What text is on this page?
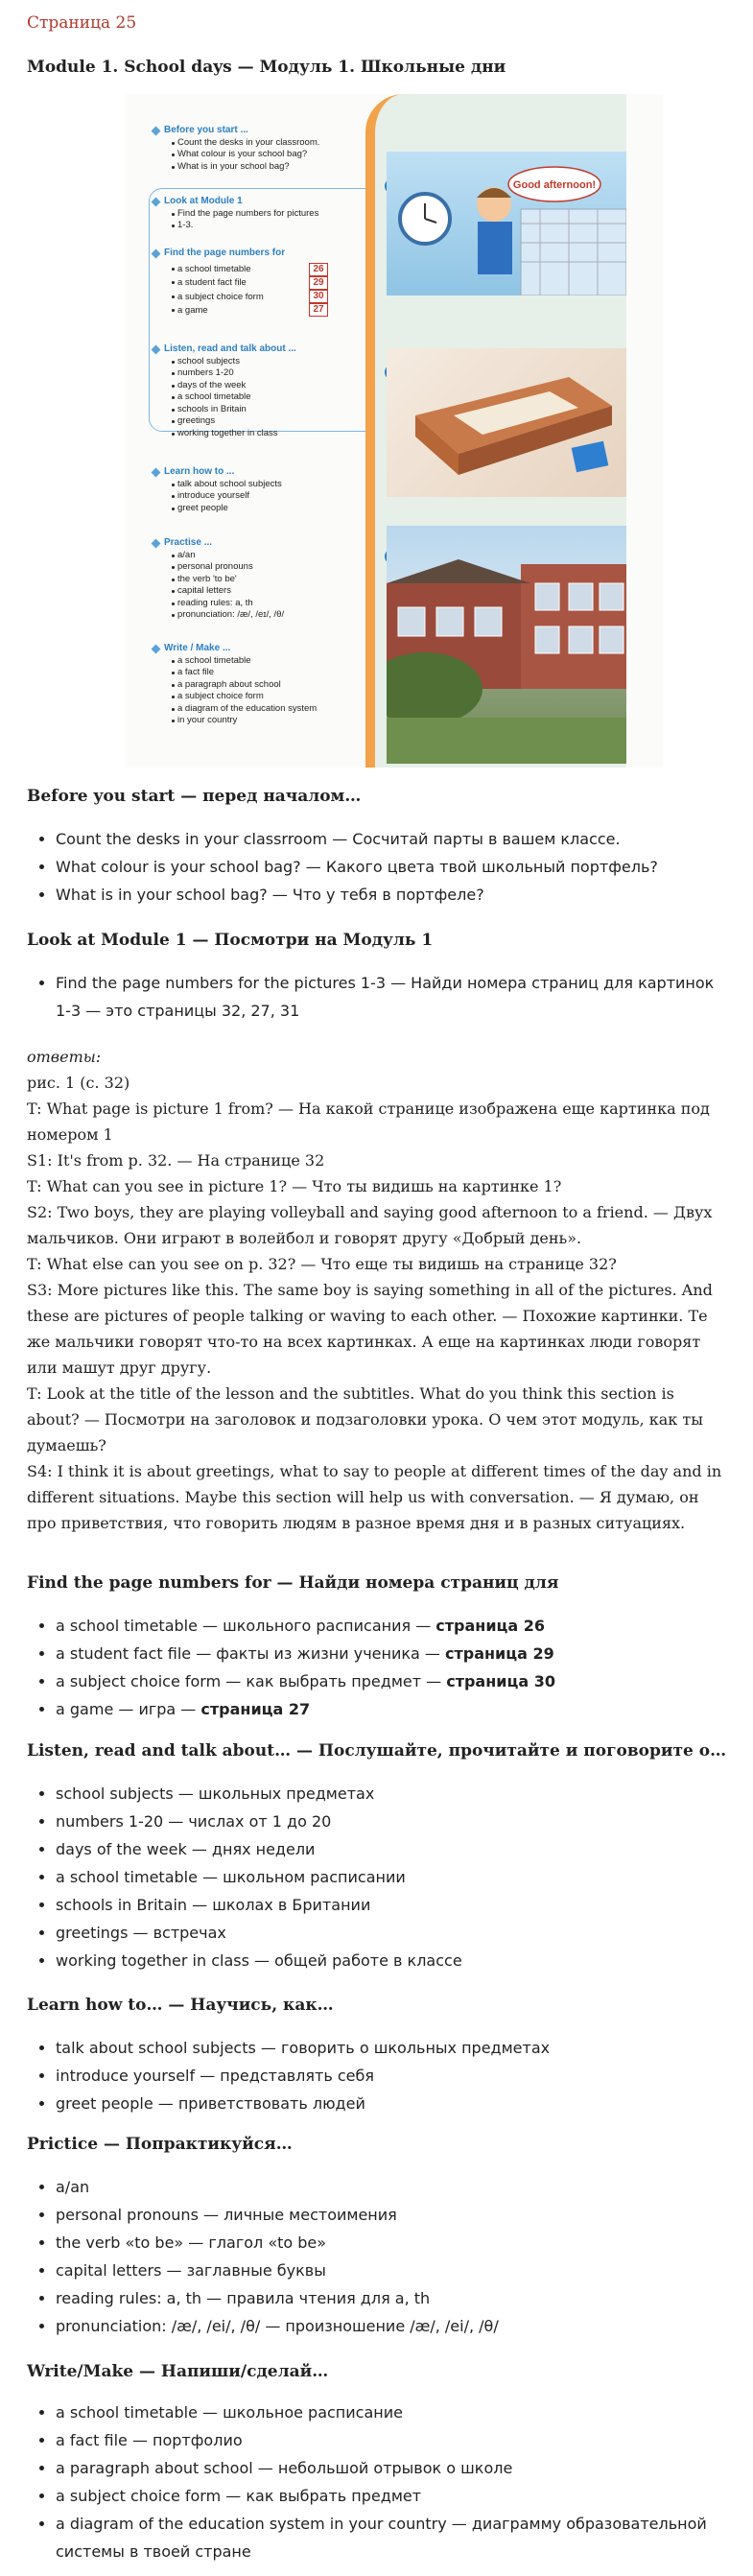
Страница 25
Module 1. School days — Модуль 1. Школьные дни
Before you start ...
Count the desks in your classroom.
What colour is your school bag?
What is in your school bag?
Look at Module 1
Find the page numbers for pictures
1-3.
Find the page numbers for
a school timetable
a student fact file
a subject choice form
a game
26
29
30
27
Listen, read and talk about ...
school subjects
numbers 1-20
days of the week
a school timetable
schools in Britain
greetings
working together in class
Learn how to ...
talk about school subjects
introduce yourself
greet people
Practise ...
a/an
personal pronouns
the verb 'to be'
capital letters
reading rules: a, th
pronunciation: /æ/, /eɪ/, /θ/
Write / Make ...
a school timetable
a fact file
a paragraph about school
a subject choice form
a diagram of the education system
in your country
Good afternoon!
Before you start — перед началом…
• Count the desks in your classrroom — Сосчитай парты в вашем классе.
• What colour is your school bag? — Какого цвета твой школьный портфель?
• What is in your school bag? — Что у тебя в портфеле?
Look at Module 1 — Посмотри на Модуль 1
• Find the page numbers for the pictures 1-3 — Найди номера страниц для картинок 1-3 — это страницы 32, 27, 31
ответы:
рис. 1 (с. 32)
T: What page is picture 1 from? — На какой странице изображена еще картинка под номером 1
S1: It's from p. 32. — На странице 32
T: What can you see in picture 1? — Что ты видишь на картинке 1?
S2: Two boys, they are playing volleyball and saying good afternoon to a friend. — Двух мальчиков. Они играют в волейбол и говорят другу «Добрый день».
T: What else can you see on p. 32? — Что еще ты видишь на странице 32?
S3: More pictures like this. The same boy is saying something in all of the pictures. And these are pictures of people talking or waving to each other. — Похожие картинки. Те же мальчики говорят что-то на всех картинках. А еще на картинках люди говорят или машут друг другу.
T: Look at the title of the lesson and the subtitles. What do you think this section is about? — Посмотри на заголовок и подзаголовки урока. О чем этот модуль, как ты думаешь?
S4: I think it is about greetings, what to say to people at different times of the day and in different situations. Maybe this section will help us with conversation. — Я думаю, он про приветствия, что говорить людям в разное время дня и в разных ситуациях.
Find the page numbers for — Найди номера страниц для
• a school timetable — школьного расписания — страница 26
• a student fact file — факты из жизни ученика — страница 29
• a subject choice form — как выбрать предмет — страница 30
• a game — игра — страница 27
Listen, read and talk about… — Послушайте, прочитайте и поговорите о…
• school subjects — школьных предметах
• numbers 1-20 — числах от 1 до 20
• days of the week — днях недели
• a school timetable — школьном расписании
• schools in Britain — школах в Британии
• greetings — встречах
• working together in class — общей работе в классе
Learn how to… — Научись, как…
• talk about school subjects — говорить о школьных предметах
• introduce yourself — представлять себя
• greet people — приветствовать людей
Prictice — Попрактикуйся…
• a/an
• personal pronouns — личные местоимения
• the verb «to be» — глагол «to be»
• capital letters — заглавные буквы
• reading rules: a, th — правила чтения для a, th
• pronunciation: /æ/, /ei/, /θ/ — произношение /æ/, /ei/, /θ/
Write/Make — Напиши/сделай…
• a school timetable — школьное расписание
• a fact file — портфолио
• a paragraph about school — небольшой отрывок о школе
• a subject choice form — как выбрать предмет
• a diagram of the education system in your country — диаграмму образовательной системы в твоей стране
